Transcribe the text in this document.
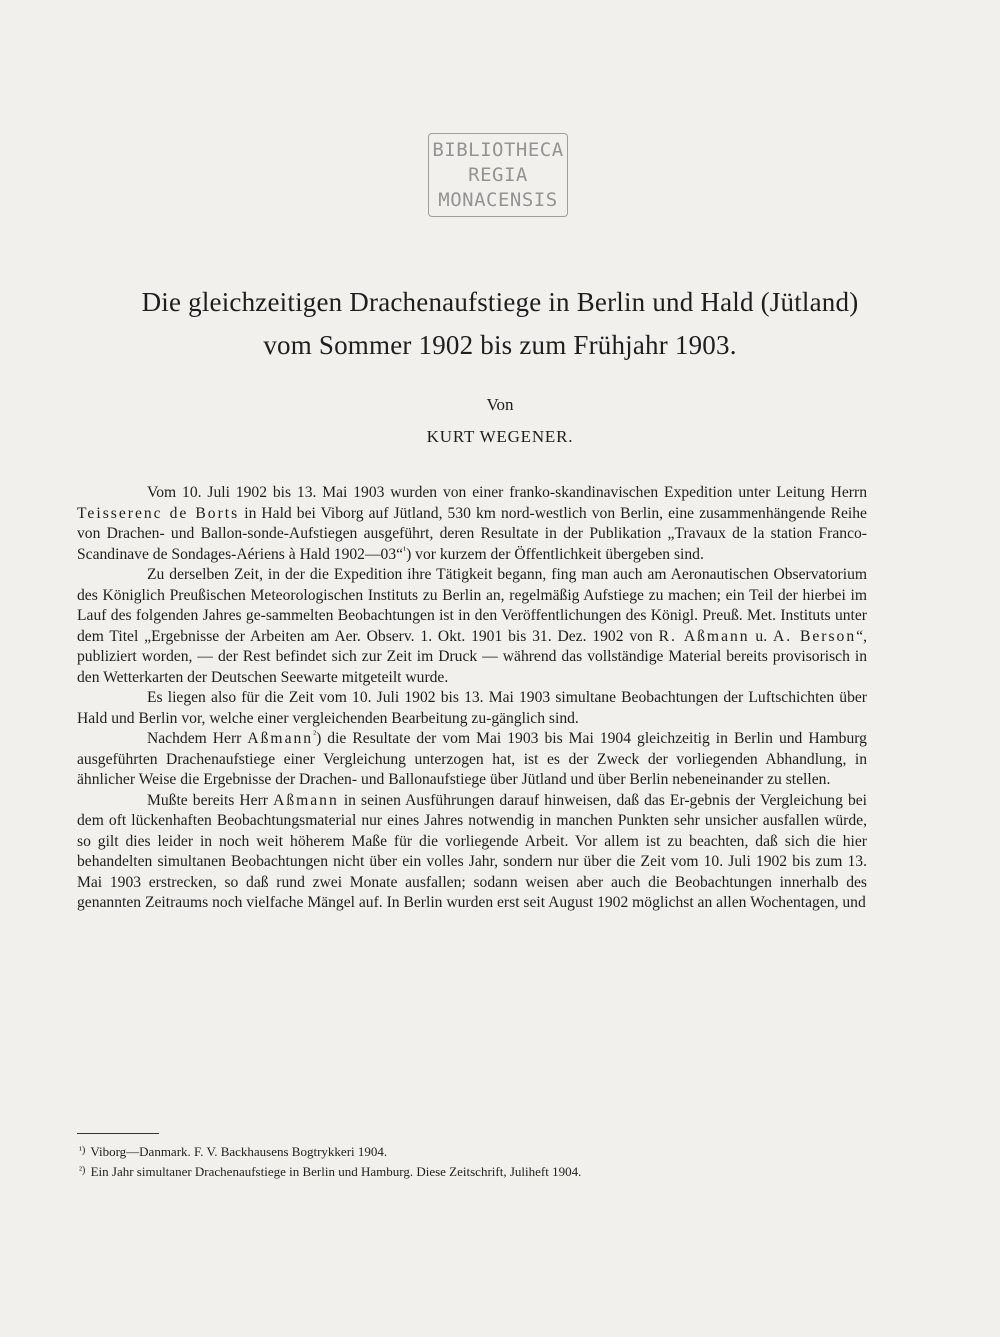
BIBLIOTHECA
REGIA
MONACENSIS
Die gleichzeitigen Drachenaufstiege in Berlin und Hald (Jütland)
vom Sommer 1902 bis zum Frühjahr 1903.
Von
KURT WEGENER.

Vom 10. Juli 1902 bis 13. Mai 1903 wurden von einer franko-skandinavischen Expedition unter Leitung Herrn Teisserenc de Borts in Hald bei Viborg auf Jütland, 530 km nord-westlich von Berlin, eine zusammenhängende Reihe von Drachen- und Ballon-sonde-Aufstiegen ausgeführt, deren Resultate in der Publikation „Travaux de la station Franco-Scandinave de Sondages-Aériens à Hald 1902—03“$^{^1}$) vor kurzem der Öffentlichkeit übergeben sind.

Zu derselben Zeit, in der die Expedition ihre Tätigkeit begann, fing man auch am Aeronautischen Observatorium des Königlich Preußischen Meteorologischen Instituts zu Berlin an, regelmäßig Aufstiege zu machen; ein Teil der hierbei im Lauf des folgenden Jahres ge-sammelten Beobachtungen ist in den Veröffentlichungen des Königl. Preuß. Met. Instituts unter dem Titel „Ergebnisse der Arbeiten am Aer. Observ. 1. Okt. 1901 bis 31. Dez. 1902 von R. Aßmann u. A. Berson“, publiziert worden, — der Rest befindet sich zur Zeit im Druck — während das vollständige Material bereits provisorisch in den Wetterkarten der Deutschen Seewarte mitgeteilt wurde.

Es liegen also für die Zeit vom 10. Juli 1902 bis 13. Mai 1903 simultane Beobachtungen der Luftschichten über Hald und Berlin vor, welche einer vergleichenden Bearbeitung zu-gänglich sind.

Nachdem Herr Aßmann$^{^2}$) die Resultate der vom Mai 1903 bis Mai 1904 gleichzeitig in Berlin und Hamburg ausgeführten Drachenaufstiege einer Vergleichung unterzogen hat, ist es der Zweck der vorliegenden Abhandlung, in ähnlicher Weise die Ergebnisse der Drachen- und Ballonaufstiege über Jütland und über Berlin nebeneinander zu stellen.

Mußte bereits Herr Aßmann in seinen Ausführungen darauf hinweisen, daß das Er-gebnis der Vergleichung bei dem oft lückenhaften Beobachtungsmaterial nur eines Jahres notwendig in manchen Punkten sehr unsicher ausfallen würde, so gilt dies leider in noch weit höherem Maße für die vorliegende Arbeit. Vor allem ist zu beachten, daß sich die hier behandelten simultanen Beobachtungen nicht über ein volles Jahr, sondern nur über die Zeit vom 10. Juli 1902 bis zum 13. Mai 1903 erstrecken, so daß rund zwei Monate ausfallen; sodann weisen aber auch die Beobachtungen innerhalb des genannten Zeitraums noch vielfache Mängel auf. In Berlin wurden erst seit August 1902 möglichst an allen Wochentagen, und

$^{^1)}$ Viborg—Danmark. F. V. Backhausens Bogtrykkeri 1904.
$^{^2)}$ Ein Jahr simultaner Drachenaufstiege in Berlin und Hamburg. Diese Zeitschrift, Juliheft 1904.
